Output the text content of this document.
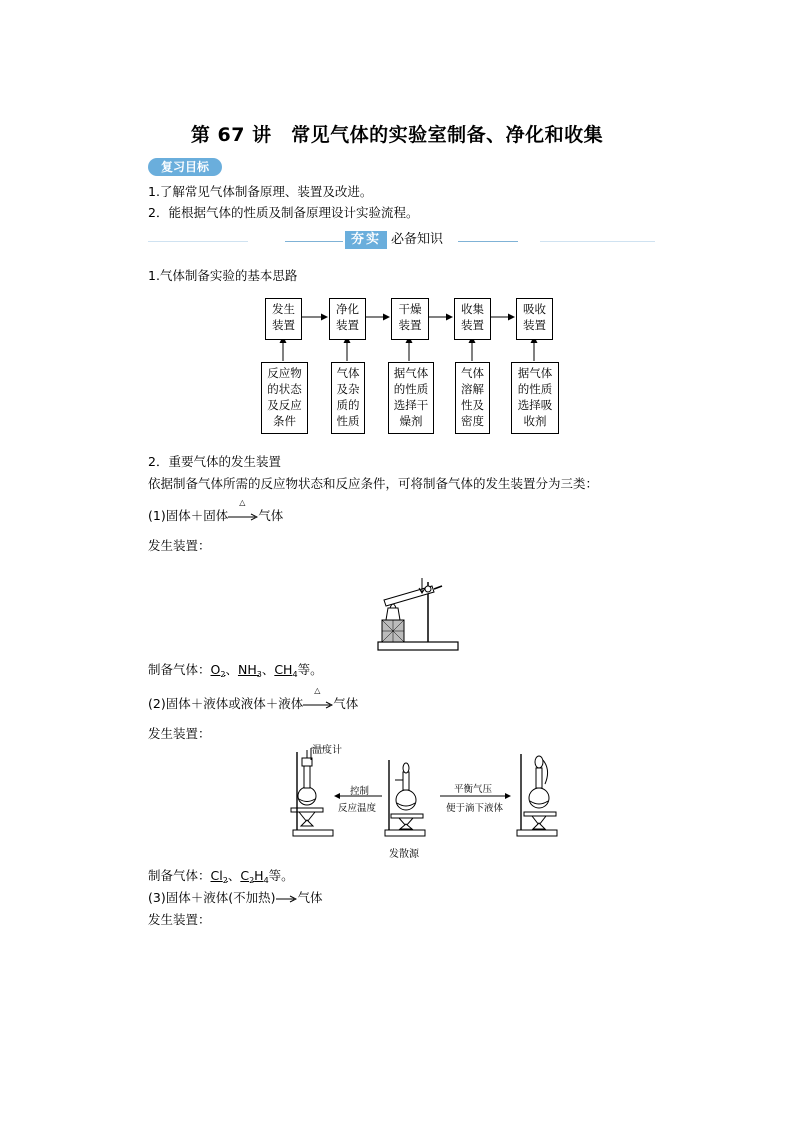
第 67 讲　常见气体的实验室制备、净化和收集
复习目标
1.了解常见气体制备原理、装置及改进。
2．能根据气体的性质及制备原理设计实验流程。
夯实 必备知识
1.气体制备实验的基本思路
发生装置
净化装置
干燥装置
收集装置
吸收装置
反应物
的状态
及反应
条件
气体
及杂
质的
性质
据气体
的性质
选择干
燥剂
气体
溶解
性及
密度
据气体
的性质
选择吸
收剂
2．重要气体的发生装置
依据制备气体所需的反应物状态和反应条件，可将制备气体的发生装置分为三类：
(1)固体＋固体
△
气体
发生装置：
制备气体：$O_2$、$NH_3$、$CH_4$等。
(2)固体＋液体或液体＋液体
△
气体
发生装置：
温度计
控制
反应温度
平衡气压
便于滴下液体
发散源
制备气体：$Cl_2$、$C_2H_4$等。
(3)固体＋液体(不加热) 气体
发生装置：
